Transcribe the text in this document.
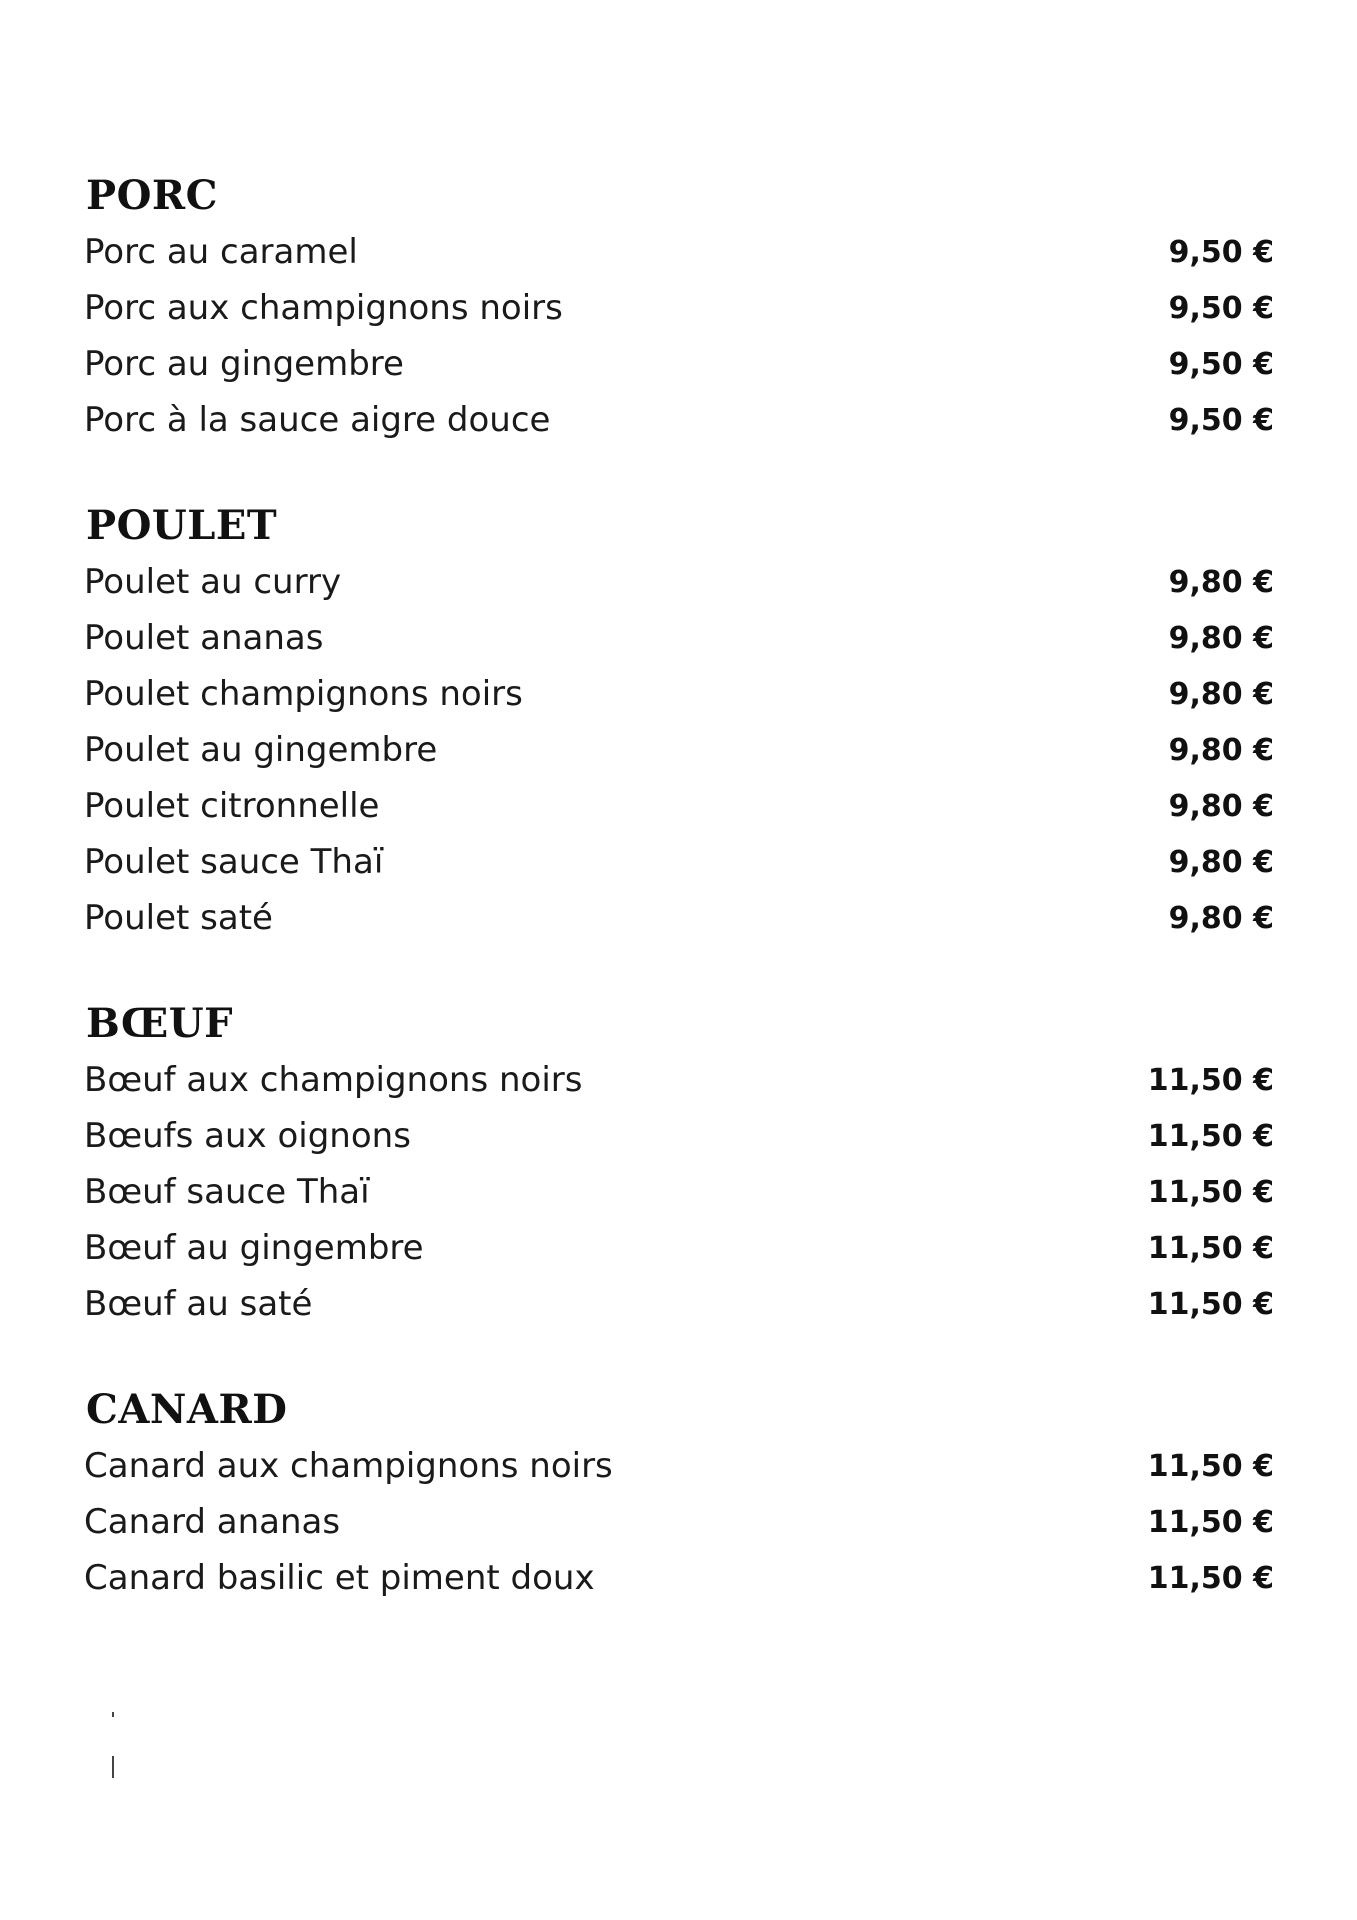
PORC
Porc au caramel	9,50 €
Porc aux champignons noirs	9,50 €
Porc au gingembre	9,50 €
Porc à la sauce aigre douce	9,50 €
POULET
Poulet au curry	9,80 €
Poulet ananas	9,80 €
Poulet champignons noirs	9,80 €
Poulet au gingembre	9,80 €
Poulet citronnelle	9,80 €
Poulet sauce Thaï	9,80 €
Poulet saté	9,80 €
BŒUF
Bœuf aux champignons noirs	11,50 €
Bœufs aux oignons	11,50 €
Bœuf sauce Thaï	11,50 €
Bœuf au gingembre	11,50 €
Bœuf au saté	11,50 €
CANARD
Canard aux champignons noirs	11,50 €
Canard ananas	11,50 €
Canard basilic et piment doux	11,50 €
